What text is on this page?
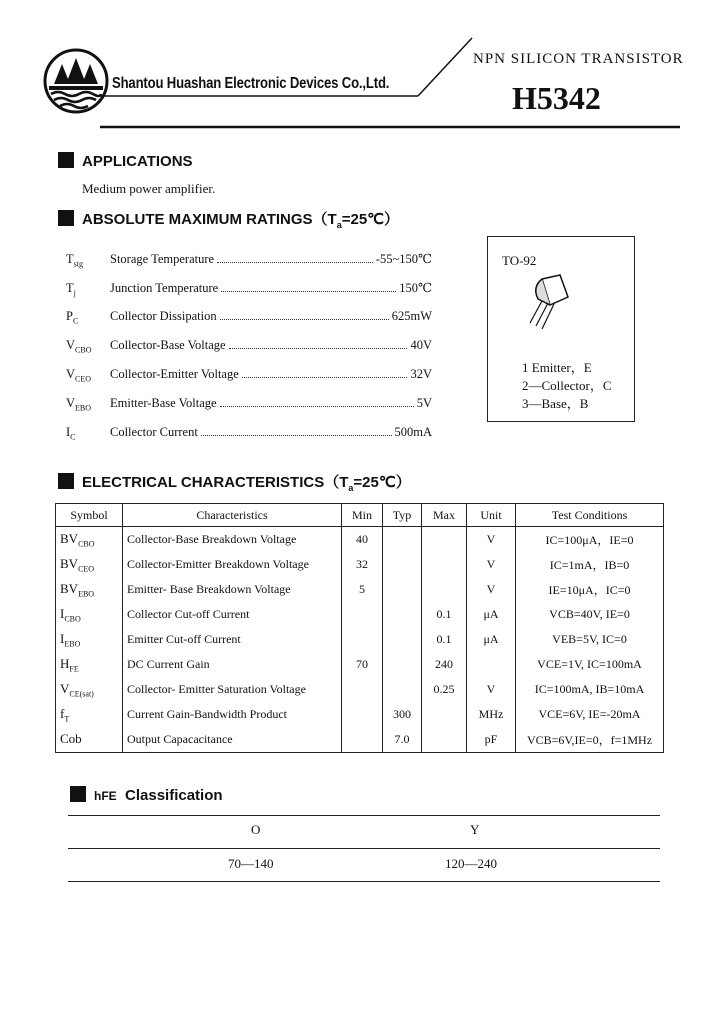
Shantou Huashan Electronic Devices Co.,Ltd.
NPN SILICON TRANSISTOR
H5342
APPLICATIONS
Medium power amplifier.
ABSOLUTE MAXIMUM $RATINGS(T_a=25℃)$
$T_{stg}$	Storage Temperature	-55~150℃
$T_j$	Junction Temperature	150℃
$P_C$	Collector Dissipation	625mW
$V_{CBO}$	Collector-Base Voltage	40V
$V_{CEO}$	Collector-Emitter Voltage	32V
$V_{EBO}$	Emitter-Base Voltage	5V
$I_C$	Collector Current	500mA
TO-92
1 Emitter，E
2—Collector，C
3—Base，B
ELECTRICAL $CHARACTERISTICS(T_a=25℃)$
Symbol	Characteristics	Min	Typ	Max	Unit	Test Conditions
$BV_{CBO}$	Collector-Base Breakdown Voltage	40			V	IC=100μA，IE=0
$BV_{CEO}$	Collector-Emitter Breakdown Voltage	32			V	IC=1mA，IB=0
$BV_{EBO}$	Emitter- Base Breakdown Voltage	5			V	IE=10μA，IC=0
$I_{CBO}$	Collector Cut-off Current			0.1	μA	VCB=40V, IE=0
$I_{EBO}$	Emitter Cut-off Current			0.1	μA	VEB=5V, IC=0
$H_{FE}$	DC Current Gain	70		240		VCE=1V, IC=100mA
$V_{CE(sat)}$	Collector- Emitter Saturation Voltage			0.25	V	IC=100mA, IB=10mA
$f_T$	Current Gain-Bandwidth Product		300		MHz	VCE=6V, IE=-20mA
Cob	Output Capacacitance		7.0		pF	VCB=6V,IE=0，f=1MHz
hFE Classification
O	Y
70—140	120—240
